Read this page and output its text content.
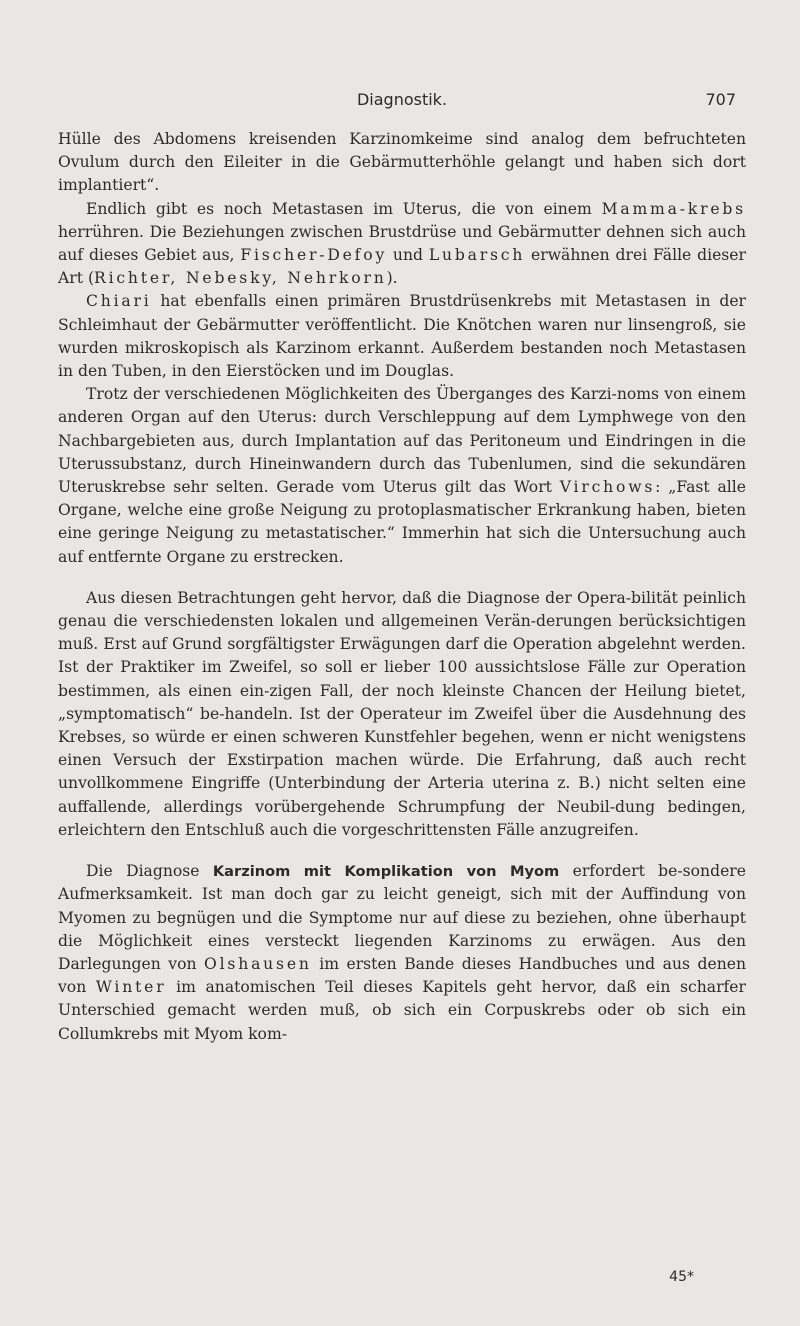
Diagnostik.	707

Hülle des Abdomens kreisenden Karzinomkeime sind analog dem befruchteten Ovulum durch den Eileiter in die Gebärmutterhöhle gelangt und haben sich dort implantiert“.

Endlich gibt es noch Metastasen im Uterus, die von einem Mamma-krebs herrühren. Die Beziehungen zwischen Brustdrüse und Gebärmutter dehnen sich auch auf dieses Gebiet aus, Fischer-Defoy und Lubarsch erwähnen drei Fälle dieser Art (Richter, Nebesky, Nehrkorn).

Chiari hat ebenfalls einen primären Brustdrüsenkrebs mit Metastasen in der Schleimhaut der Gebärmutter veröffentlicht. Die Knötchen waren nur linsengroß, sie wurden mikroskopisch als Karzinom erkannt. Außerdem bestanden noch Metastasen in den Tuben, in den Eierstöcken und im Douglas.

Trotz der verschiedenen Möglichkeiten des Überganges des Karzi-noms von einem anderen Organ auf den Uterus: durch Verschleppung auf dem Lymphwege von den Nachbargebieten aus, durch Implantation auf das Peritoneum und Eindringen in die Uterussubstanz, durch Hineinwandern durch das Tubenlumen, sind die sekundären Uteruskrebse sehr selten. Gerade vom Uterus gilt das Wort Virchows: „Fast alle Organe, welche eine große Neigung zu protoplasmatischer Erkrankung haben, bieten eine geringe Neigung zu metastatischer.“ Immerhin hat sich die Untersuchung auch auf entfernte Organe zu erstrecken.

Aus diesen Betrachtungen geht hervor, daß die Diagnose der Opera-bilität peinlich genau die verschiedensten lokalen und allgemeinen Verän-derungen berücksichtigen muß. Erst auf Grund sorgfältigster Erwägungen darf die Operation abgelehnt werden. Ist der Praktiker im Zweifel, so soll er lieber 100 aussichtslose Fälle zur Operation bestimmen, als einen ein-zigen Fall, der noch kleinste Chancen der Heilung bietet, „symptomatisch“ be-handeln. Ist der Operateur im Zweifel über die Ausdehnung des Krebses, so würde er einen schweren Kunstfehler begehen, wenn er nicht wenigstens einen Versuch der Exstirpation machen würde. Die Erfahrung, daß auch recht unvollkommene Eingriffe (Unterbindung der Arteria uterina z. B.) nicht selten eine auffallende, allerdings vorübergehende Schrumpfung der Neubil-dung bedingen, erleichtern den Entschluß auch die vorgeschrittensten Fälle anzugreifen.

Die Diagnose Karzinom mit Komplikation von Myom erfordert be-sondere Aufmerksamkeit. Ist man doch gar zu leicht geneigt, sich mit der Auffindung von Myomen zu begnügen und die Symptome nur auf diese zu beziehen, ohne überhaupt die Möglichkeit eines versteckt liegenden Karzinoms zu erwägen. Aus den Darlegungen von Olshausen im ersten Bande dieses Handbuches und aus denen von Winter im anatomischen Teil dieses Kapitels geht hervor, daß ein scharfer Unterschied gemacht werden muß, ob sich ein Corpuskrebs oder ob sich ein Collumkrebs mit Myom kom-

45*
